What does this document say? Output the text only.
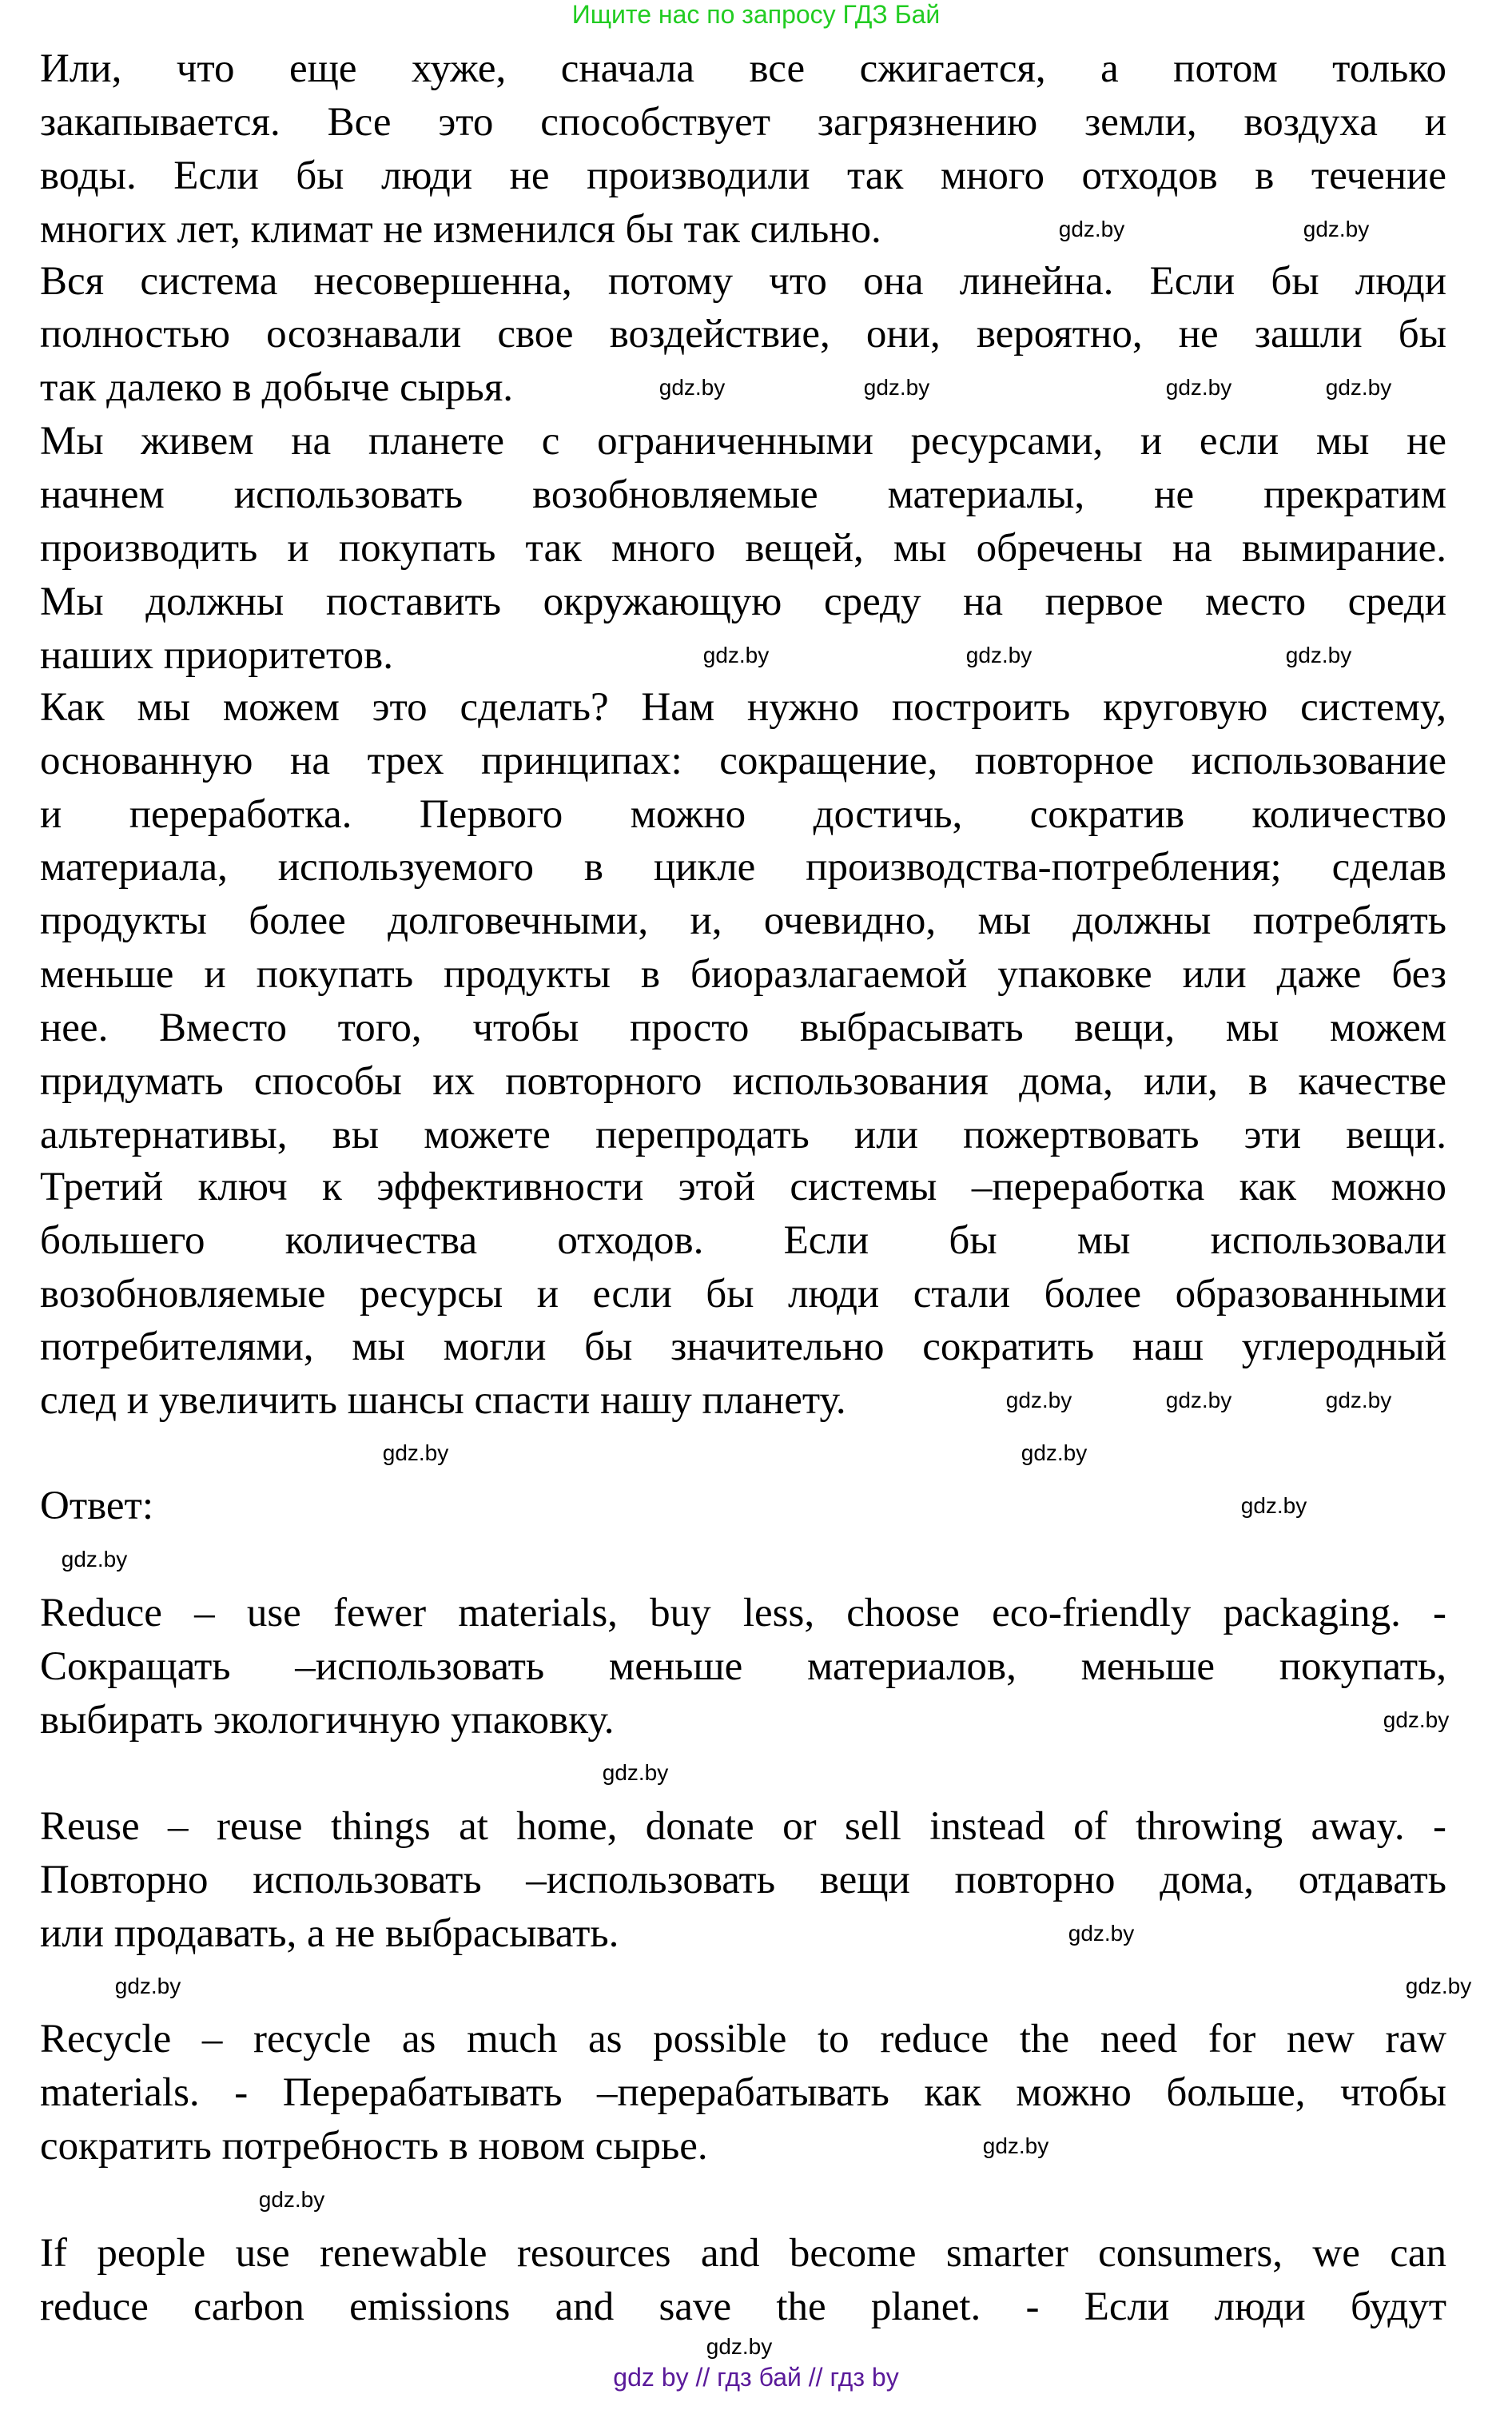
Ищите нас по запросу ГДЗ Бай
Или, что еще хуже, сначала все сжигается, а потом только
закапывается. Все это способствует загрязнению земли, воздуха и
воды. Если бы люди не производили так много отходов в течение
многих лет, климат не изменился бы так сильно.
Вся система несовершенна, потому что она линейна. Если бы люди
полностью осознавали свое воздействие, они, вероятно, не зашли бы
так далеко в добыче сырья.
Мы живем на планете с ограниченными ресурсами, и если мы не
начнем использовать возобновляемые материалы, не прекратим
производить и покупать так много вещей, мы обречены на вымирание.
Мы должны поставить окружающую среду на первое место среди
наших приоритетов.
Как мы можем это сделать? Нам нужно построить круговую систему,
основанную на трех принципах: сокращение, повторное использование
и переработка. Первого можно достичь, сократив количество
материала, используемого в цикле производства-потребления; сделав
продукты более долговечными, и, очевидно, мы должны потреблять
меньше и покупать продукты в биоразлагаемой упаковке или даже без
нее. Вместо того, чтобы просто выбрасывать вещи, мы можем
придумать способы их повторного использования дома, или, в качестве
альтернативы, вы можете перепродать или пожертвовать эти вещи.
Третий ключ к эффективности этой системы –переработка как можно
большего количества отходов. Если бы мы использовали
возобновляемые ресурсы и если бы люди стали более образованными
потребителями, мы могли бы значительно сократить наш углеродный
след и увеличить шансы спасти нашу планету.
Ответ:
Reduce – use fewer materials, buy less, choose eco-friendly packaging. -
Сокращать –использовать меньше материалов, меньше покупать,
выбирать экологичную упаковку.
Reuse – reuse things at home, donate or sell instead of throwing away. -
Повторно использовать –использовать вещи повторно дома, отдавать
или продавать, а не выбрасывать.
Recycle – recycle as much as possible to reduce the need for new raw
materials. - Перерабатывать –перерабатывать как можно больше, чтобы
сократить потребность в новом сырье.
If people use renewable resources and become smarter consumers, we can
reduce carbon emissions and save the planet. - Если люди будут
gdz.by	gdz.by
gdz.by	gdz.by	gdz.by	gdz.by
gdz.by	gdz.by
gdz.by
gdz.by	gdz.by	gdz.by
gdz.by
gdz.by
gdz.by
gdz.by
gdz.by
gdz.by
gdz.by
gdz.by	gdz.by
gdz.by
gdz.by
gdz.by
gdz by // гдз бай // гдз by
